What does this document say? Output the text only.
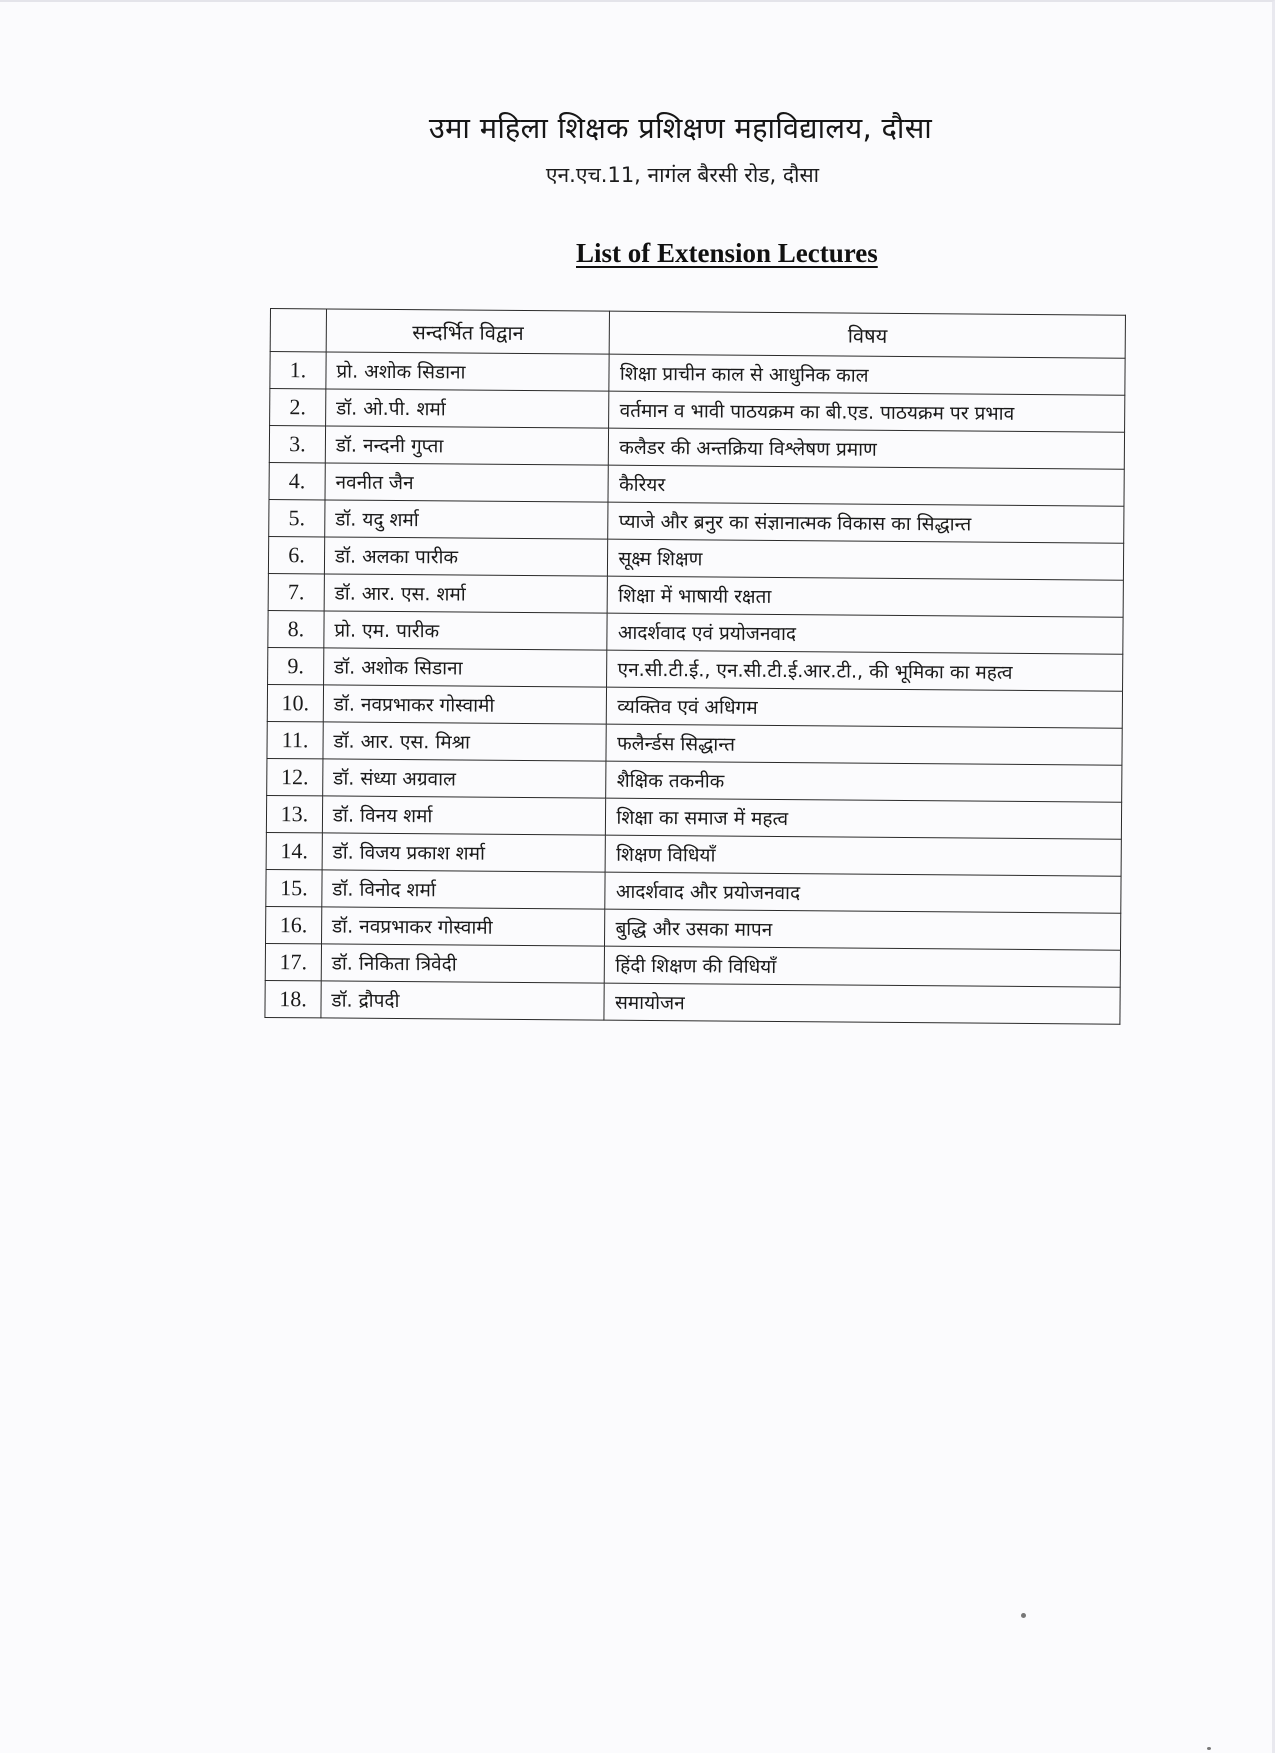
उमा महिला शिक्षक प्रशिक्षण महाविद्यालय, दौसा
एन.एच.11, नागंल बैरसी रोड, दौसा
List of Extension Lectures
	सन्दर्भित विद्वान	विषय
1.	प्रो. अशोक सिडाना	शिक्षा प्राचीन काल से आधुनिक काल
2.	डॉ. ओ.पी. शर्मा	वर्तमान व भावी पाठयक्रम का बी.एड. पाठयक्रम पर प्रभाव
3.	डॉ. नन्दनी गुप्ता	कलैडर की अन्तक्रिया विश्लेषण प्रमाण
4.	नवनीत जैन	कैरियर
5.	डॉ. यदु शर्मा	प्याजे और ब्रनुर का संज्ञानात्मक विकास का सिद्धान्त
6.	डॉ. अलका पारीक	सूक्ष्म शिक्षण
7.	डॉ. आर. एस. शर्मा	शिक्षा में भाषायी रक्षता
8.	प्रो. एम. पारीक	आदर्शवाद एवं प्रयोजनवाद
9.	डॉ. अशोक सिडाना	एन.सी.टी.ई., एन.सी.टी.ई.आर.टी., की भूमिका का महत्व
10.	डॉ. नवप्रभाकर गोस्वामी	व्यक्तिव एवं अधिगम
11.	डॉ. आर. एस. मिश्रा	फलैर्न्डस सिद्धान्त
12.	डॉ. संध्या अग्रवाल	शैक्षिक तकनीक
13.	डॉ. विनय शर्मा	शिक्षा का समाज में महत्व
14.	डॉ. विजय प्रकाश शर्मा	शिक्षण विधियाँ
15.	डॉ. विनोद शर्मा	आदर्शवाद और प्रयोजनवाद
16.	डॉ. नवप्रभाकर गोस्वामी	बुद्धि और उसका मापन
17.	डॉ. निकिता त्रिवेदी	हिंदी शिक्षण की विधियाँ
18.	डॉ. द्रौपदी	समायोजन
